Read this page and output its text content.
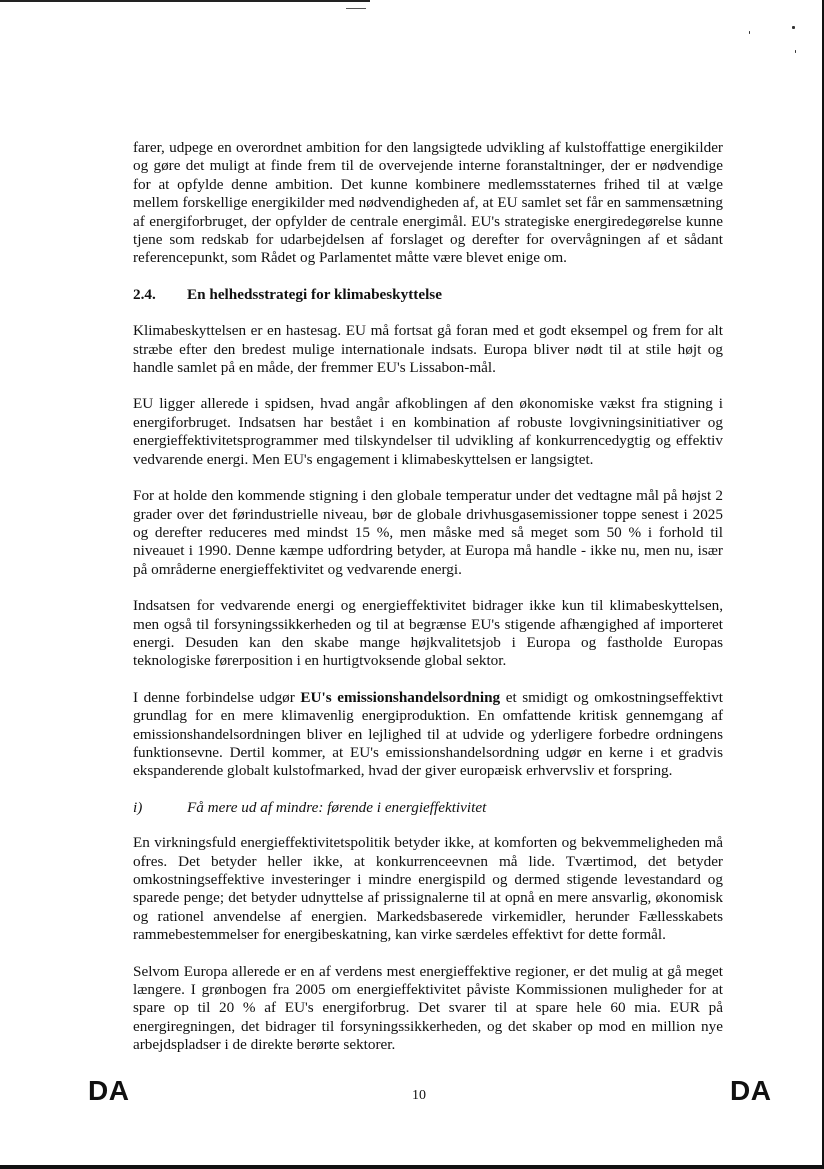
farer, udpege en overordnet ambition for den langsigtede udvikling af kulstoffattige energikilder og gøre det muligt at finde frem til de overvejende interne foranstaltninger, der er nødvendige for at opfylde denne ambition. Det kunne kombinere medlemsstaternes frihed til at vælge mellem forskellige energikilder med nødvendigheden af, at EU samlet set får en sammensætning af energiforbruget, der opfylder de centrale energimål. EU's strategiske energiredegørelse kunne tjene som redskab for udarbejdelsen af forslaget og derefter for overvågningen af et sådant referencepunkt, som Rådet og Parlamentet måtte være blevet enige om.

2.4.	En helhedsstrategi for klimabeskyttelse

Klimabeskyttelsen er en hastesag. EU må fortsat gå foran med et godt eksempel og frem for alt stræbe efter den bredest mulige internationale indsats. Europa bliver nødt til at stile højt og handle samlet på en måde, der fremmer EU's Lissabon-mål.

EU ligger allerede i spidsen, hvad angår afkoblingen af den økonomiske vækst fra stigning i energiforbruget. Indsatsen har bestået i en kombination af robuste lovgivningsinitiativer og energieffektivitetsprogrammer med tilskyndelser til udvikling af konkurrencedygtig og effektiv vedvarende energi. Men EU's engagement i klimabeskyttelsen er langsigtet.

For at holde den kommende stigning i den globale temperatur under det vedtagne mål på højst 2 grader over det førindustrielle niveau, bør de globale drivhusgasemissioner toppe senest i 2025 og derefter reduceres med mindst 15 %, men måske med så meget som 50 % i forhold til niveauet i 1990. Denne kæmpe udfordring betyder, at Europa må handle - ikke nu, men nu, især på områderne energieffektivitet og vedvarende energi.

Indsatsen for vedvarende energi og energieffektivitet bidrager ikke kun til klimabeskyttelsen, men også til forsyningssikkerheden og til at begrænse EU's stigende afhængighed af importeret energi. Desuden kan den skabe mange højkvalitetsjob i Europa og fastholde Europas teknologiske førerposition i en hurtigtvoksende global sektor.

I denne forbindelse udgør EU's emissionshandelsordning et smidigt og omkostningseffektivt grundlag for en mere klimavenlig energiproduktion. En omfattende kritisk gennemgang af emissionshandelsordningen bliver en lejlighed til at udvide og yderligere forbedre ordningens funktionsevne. Dertil kommer, at EU's emissionshandelsordning udgør en kerne i et gradvis ekspanderende globalt kulstofmarked, hvad der giver europæisk erhvervsliv et forspring.

i)	Få mere ud af mindre: førende i energieffektivitet

En virkningsfuld energieffektivitetspolitik betyder ikke, at komforten og bekvemmeligheden må ofres. Det betyder heller ikke, at konkurrenceevnen må lide. Tværtimod, det betyder omkostningseffektive investeringer i mindre energispild og dermed stigende levestandard og sparede penge; det betyder udnyttelse af prissignalerne til at opnå en mere ansvarlig, økonomisk og rationel anvendelse af energien. Markedsbaserede virkemidler, herunder Fællesskabets rammebestemmelser for energibeskatning, kan virke særdeles effektivt for dette formål.

Selvom Europa allerede er en af verdens mest energieffektive regioner, er det mulig at gå meget længere. I grønbogen fra 2005 om energieffektivitet påviste Kommissionen muligheder for at spare op til 20 % af EU's energiforbrug. Det svarer til at spare hele 60 mia. EUR på energiregningen, det bidrager til forsyningssikkerheden, og det skaber op mod en million nye arbejdspladser i de direkte berørte sektorer.

DA	10	DA
